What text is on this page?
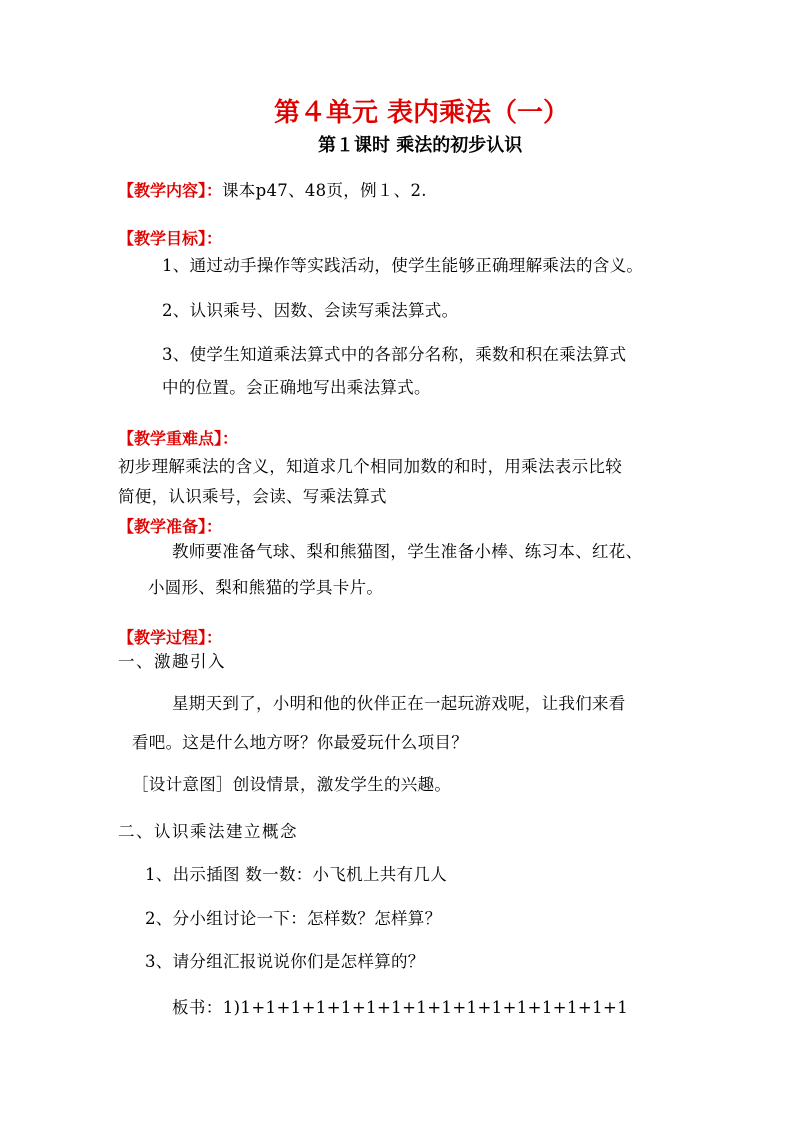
第４单元 表内乘法（一）
第１课时 乘法的初步认识
【教学内容】：课本p47、48页，例１、2.
【教学目标】：
1、通过动手操作等实践活动，使学生能够正确理解乘法的含义。
2、认识乘号、因数、会读写乘法算式。
3、使学生知道乘法算式中的各部分名称，乘数和积在乘法算式
中的位置。会正确地写出乘法算式。
【教学重难点】：
初步理解乘法的含义，知道求几个相同加数的和时，用乘法表示比较
简便，认识乘号，会读、写乘法算式
【教学准备】：
教师要准备气球、梨和熊猫图，学生准备小棒、练习本、红花、
小圆形、梨和熊猫的学具卡片。
【教学过程】：
一、激趣引入
星期天到了，小明和他的伙伴正在一起玩游戏呢，让我们来看
看吧。这是什么地方呀？你最爱玩什么项目？
［设计意图］创设情景，激发学生的兴趣。
二、认识乘法建立概念
1、出示插图 数一数：小飞机上共有几人
2、分小组讨论一下：怎样数？怎样算？
3、请分组汇报说说你们是怎样算的？
板书：1)1+1+1+1+1+1+1+1+1+1+1+1+1+1+1+1
